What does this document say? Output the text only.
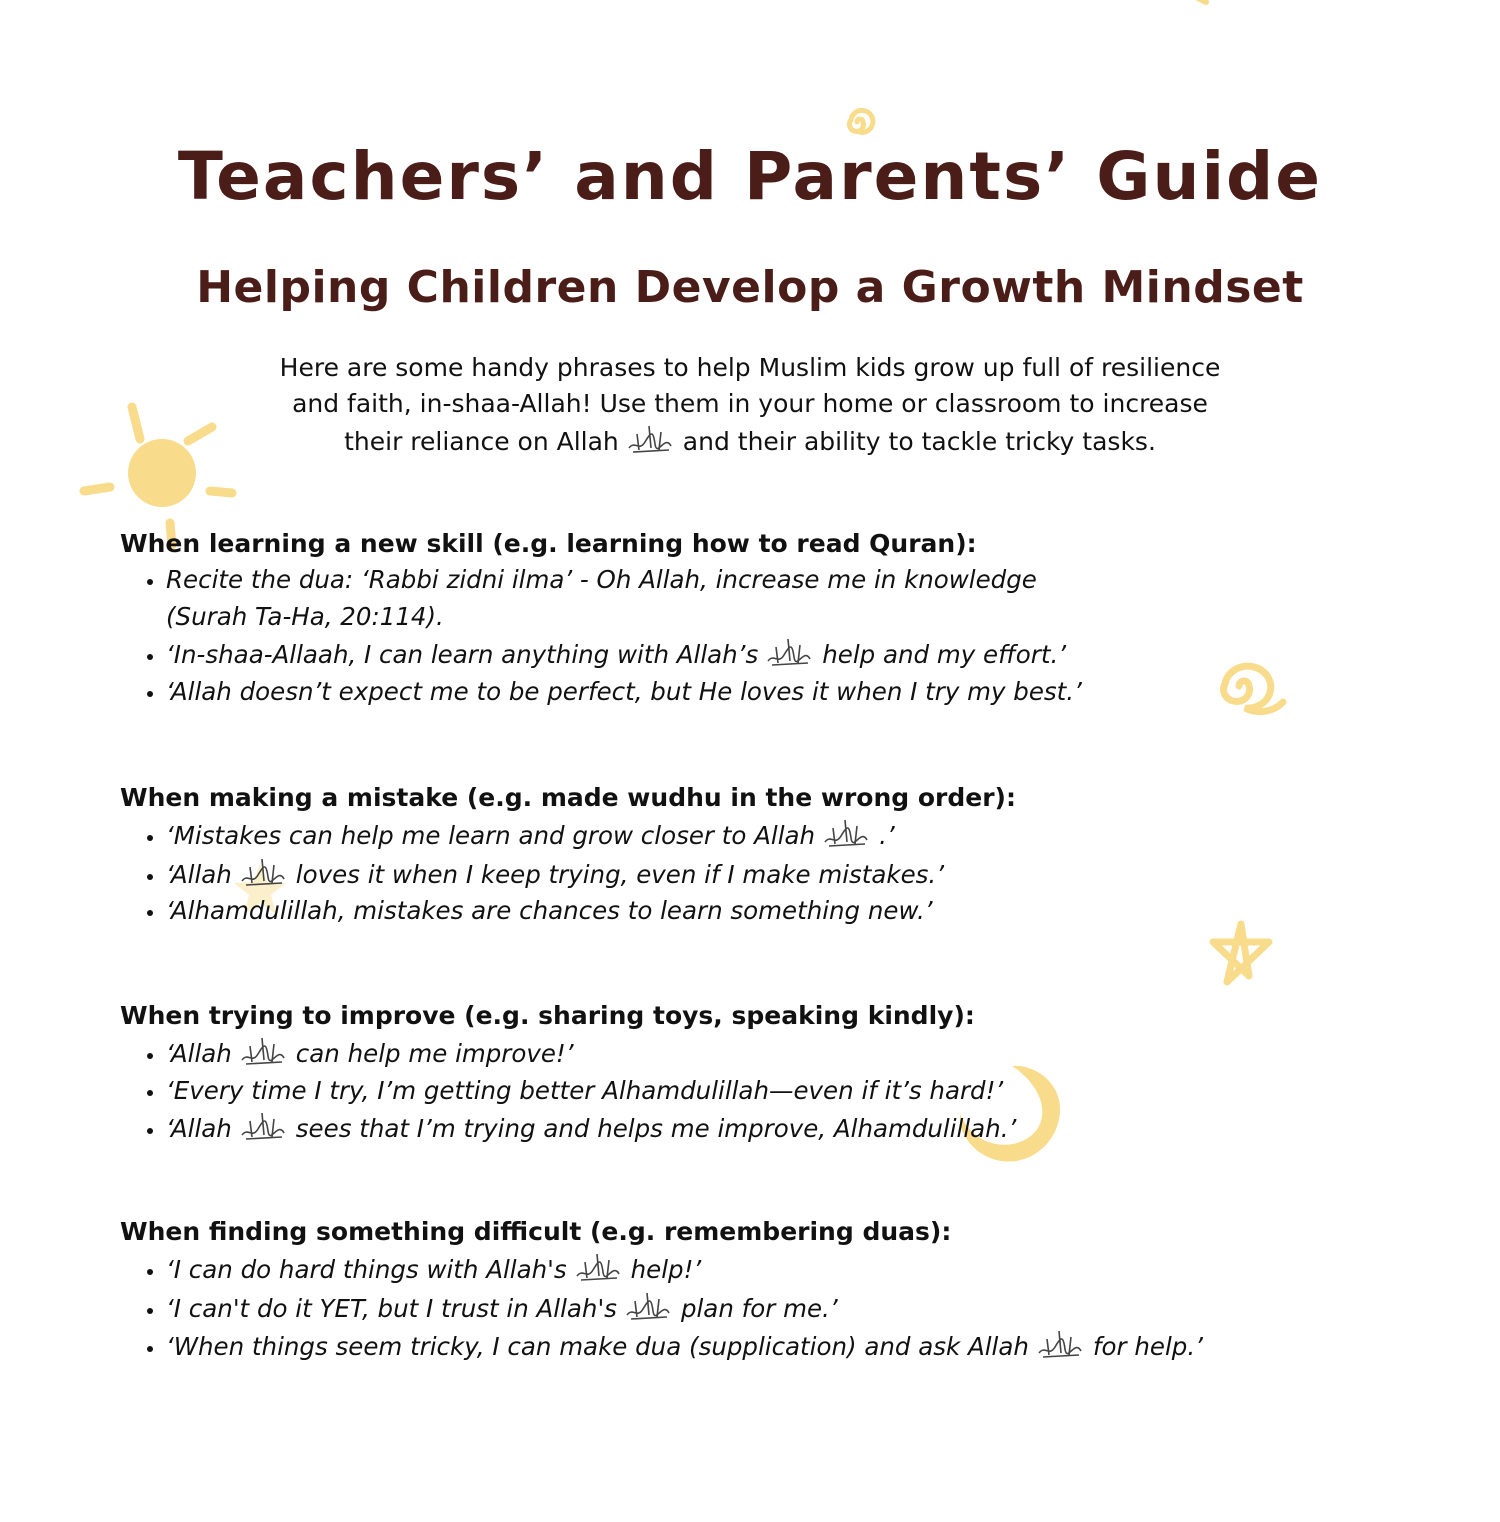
Teachers’ and Parents’ Guide
Helping Children Develop a Growth Mindset
Here are some handy phrases to help Muslim kids grow up full of resilience
and faith, in-shaa-Allah! Use them in your home or classroom to increase
their reliance on Allah	and their ability to tackle tricky tasks.
When learning a new skill (e.g. learning how to read Quran):
• Recite the dua: ‘Rabbi zidni ilma’ - Oh Allah, increase me in knowledge
(Surah Ta-Ha, 20:114).
• ‘In-shaa-Allaah, I can learn anything with Allah’s	help and my effort.’
• ‘Allah doesn’t expect me to be perfect, but He loves it when I try my best.’
When making a mistake (e.g. made wudhu in the wrong order):
• ‘Mistakes can help me learn and grow closer to Allah	.’
• ‘Allah	loves it when I keep trying, even if I make mistakes.’
• ‘Alhamdulillah, mistakes are chances to learn something new.’
When trying to improve (e.g. sharing toys, speaking kindly):
• ‘Allah	can help me improve!’
• ‘Every time I try, I’m getting better Alhamdulillah—even if it’s hard!’
• ‘Allah	sees that I’m trying and helps me improve, Alhamdulillah.’
When finding something difficult (e.g. remembering duas):
• ‘I can do hard things with Allah's	help!’
• ‘I can't do it YET, but I trust in Allah's	plan for me.’
• ‘When things seem tricky, I can make dua (supplication) and ask Allah	for help.’
